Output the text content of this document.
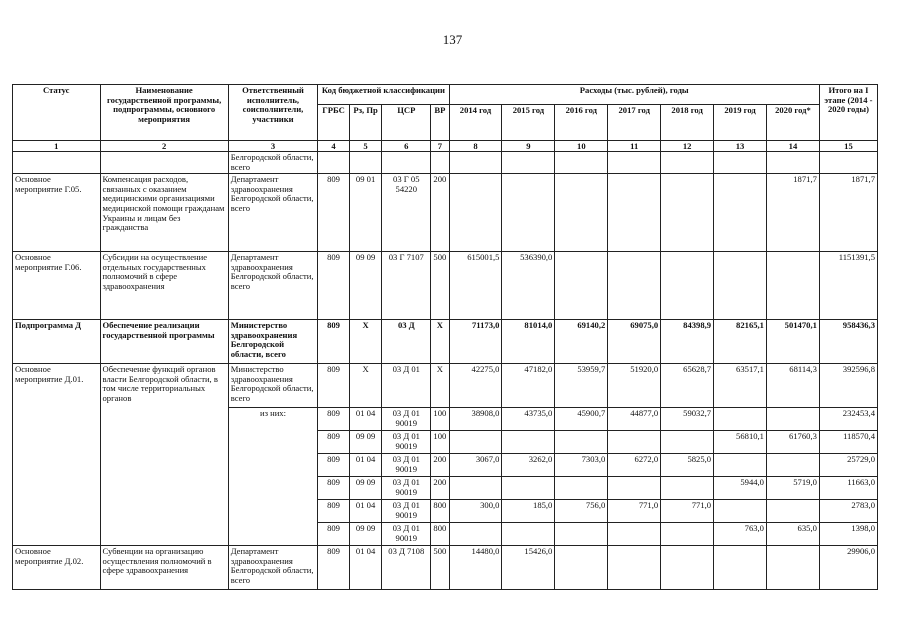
137
Статус	Наименование государственной программы, подпрограммы, основного мероприятия	Ответственный исполнитель, соисполнители, участники	Код бюджетной классификации				Расходы (тыс. рублей), годы							Итого на I этапе (2014 - 2020 годы)
			ГРБС	Рз, Пр	ЦСР	ВР	2014 год	2015 год	2016 год	2017 год	2018 год	2019 год	2020 год*	
1	2	3	4	5	6	7	8	9	10	11	12	13	14	15
		Белгородской области, всего												
Основное мероприятие Г.05.	Компенсация расходов, связанных с оказанием медицинскими организациями медицинской помощи гражданам Украины и лицам без гражданства	Департамент здравоохранения Белгородской области, всего	809	09 01	03 Г 05 54220	200							1871,7	1871,7
Основное мероприятие Г.06.	Субсидии на осуществление отдельных государственных полномочий в сфере здравоохранения	Департамент здравоохранения Белгородской области, всего	809	09 09	03 Г 7107	500	615001,5	536390,0						1151391,5
Подпрограмма Д	Обеспечение реализации государственной программы	Министерство здравоохранения Белгородской области, всего	809	Х	03 Д	Х	71173,0	81014,0	69140,2	69075,0	84398,9	82165,1	501470,1	958436,3
Основное мероприятие Д.01.	Обеспечение функций органов власти Белгородской области, в том числе территориальных органов	Министерство здравоохранения Белгородской области, всего	809	Х	03 Д 01	Х	42275,0	47182,0	53959,7	51920,0	65628,7	63517,1	68114,3	392596,8
		из них:	809	01 04	03 Д 01 90019	100	38908,0	43735,0	45900,7	44877,0	59032,7			232453,4
			809	09 09	03 Д 01 90019	100						56810,1	61760,3	118570,4
			809	01 04	03 Д 01 90019	200	3067,0	3262,0	7303,0	6272,0	5825,0			25729,0
			809	09 09	03 Д 01 90019	200						5944,0	5719,0	11663,0
			809	01 04	03 Д 01 90019	800	300,0	185,0	756,0	771,0	771,0			2783,0
			809	09 09	03 Д 01 90019	800						763,0	635,0	1398,0
Основное мероприятие Д.02.	Субвенции на организацию осуществления полномочий в сфере здравоохранения	Департамент здравоохранения Белгородской области, всего	809	01 04	03 Д 7108	500	14480,0	15426,0						29906,0
